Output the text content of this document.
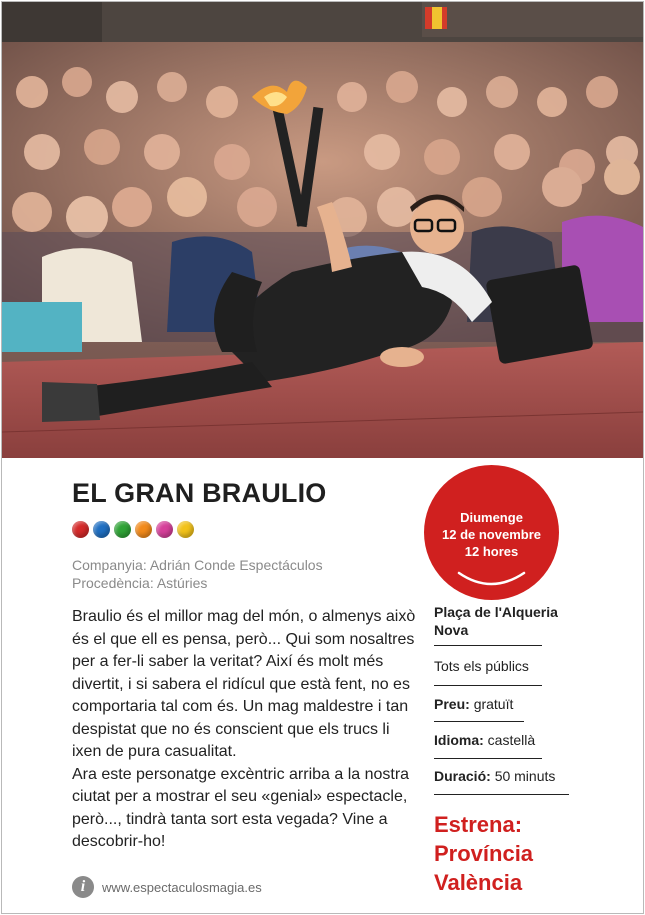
EL GRAN BRAULIO
Companyia: Adrián Conde Espectáculos
Procedència: Astúries

Braulio és el millor mag del món, o almenys això és el que ell es pensa, però... Qui som nosaltres per a fer-li saber la veritat? Així és molt més divertit, i si sabera el ridícul que està fent, no es comportaria tal com és. Un mag maldestre i tan despistat que no és conscient que els trucs li ixen de pura casualitat.

Ara este personatge excèntric arriba a la nostra ciutat per a mostrar el seu «genial» espectacle, però..., tindrà tanta sort esta vegada? Vine a descobrir-ho!

i	www.espectaculosmagia.es
Diumenge
12 de novembre
12 hores
Plaça de l'Alqueria Nova
Tots els públics
Preu: gratuït
Idioma: castellà
Duració: 50 minuts
Estrena:
Província
València
